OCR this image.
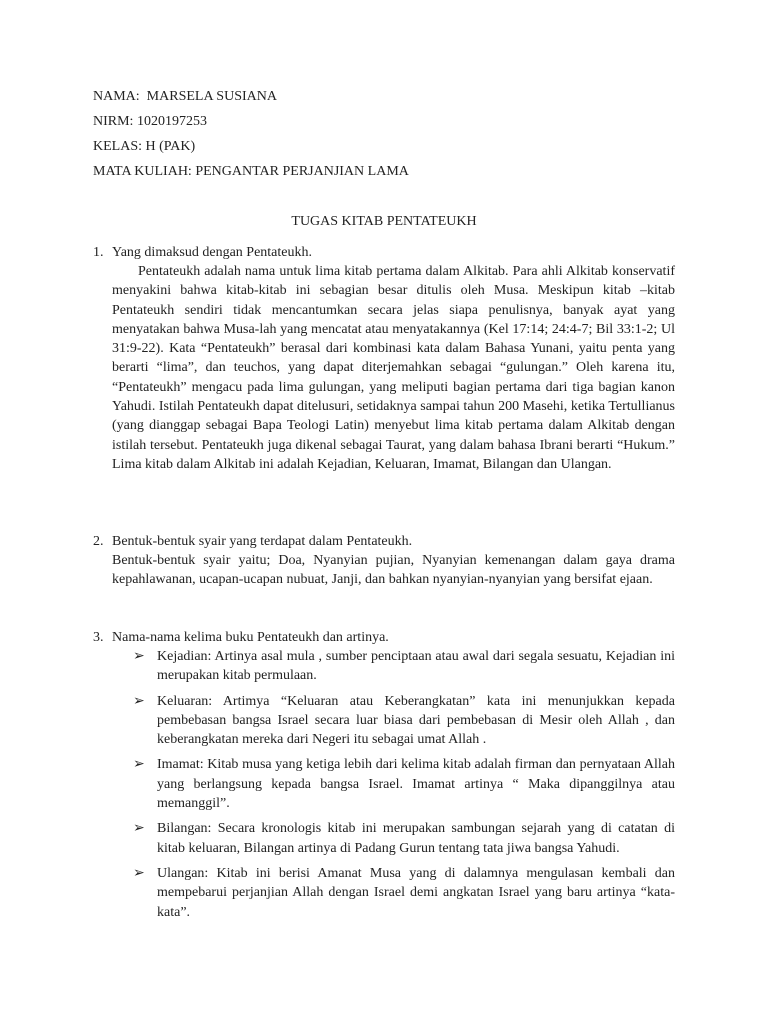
NAMA:  MARSELA SUSIANA
NIRM: 1020197253
KELAS: H (PAK)
MATA KULIAH: PENGANTAR PERJANJIAN LAMA
TUGAS KITAB PENTATEUKH
1. Yang dimaksud dengan Pentateukh.
Pentateukh adalah nama untuk lima kitab pertama dalam Alkitab. Para ahli Alkitab konservatif menyakini bahwa kitab-kitab ini sebagian besar ditulis oleh Musa. Meskipun kitab –kitab Pentateukh sendiri tidak mencantumkan secara jelas siapa penulisnya, banyak ayat yang menyatakan bahwa Musa-lah yang mencatat atau menyatakannya (Kel 17:14; 24:4-7; Bil 33:1-2; Ul 31:9-22). Kata “Pentateukh” berasal dari kombinasi kata dalam Bahasa Yunani, yaitu penta yang berarti “lima”, dan teuchos, yang dapat diterjemahkan sebagai “gulungan.” Oleh karena itu, “Pentateukh” mengacu pada lima gulungan, yang meliputi bagian pertama dari tiga bagian kanon Yahudi. Istilah Pentateukh dapat ditelusuri, setidaknya sampai tahun 200 Masehi, ketika Tertullianus (yang dianggap sebagai Bapa Teologi Latin) menyebut lima kitab pertama dalam Alkitab dengan istilah tersebut. Pentateukh juga dikenal sebagai Taurat, yang dalam bahasa Ibrani berarti “Hukum.” Lima kitab dalam Alkitab ini adalah Kejadian, Keluaran, Imamat, Bilangan dan Ulangan.
2. Bentuk-bentuk syair yang terdapat dalam Pentateukh.
Bentuk-bentuk syair yaitu; Doa, Nyanyian pujian, Nyanyian kemenangan dalam gaya drama kepahlawanan, ucapan-ucapan nubuat, Janji, dan bahkan nyanyian-nyanyian yang bersifat ejaan.
3. Nama-nama kelima buku Pentateukh dan artinya.
➢ Kejadian: Artinya asal mula , sumber penciptaan atau awal dari segala sesuatu, Kejadian ini merupakan kitab permulaan.
➢ Keluaran: Artimya “Keluaran atau Keberangkatan” kata ini menunjukkan kepada pembebasan bangsa Israel secara luar biasa dari pembebasan di Mesir oleh Allah , dan keberangkatan mereka dari Negeri itu sebagai umat Allah .
➢ Imamat: Kitab musa yang ketiga lebih dari kelima kitab adalah firman dan pernyataan Allah yang berlangsung kepada bangsa Israel. Imamat artinya “ Maka dipanggilnya atau memanggil”.
➢ Bilangan: Secara kronologis kitab ini merupakan sambungan sejarah yang di catatan di kitab keluaran, Bilangan artinya di Padang Gurun tentang tata jiwa bangsa Yahudi.
➢ Ulangan: Kitab ini berisi Amanat Musa yang di dalamnya mengulasan kembali dan mempebarui perjanjian Allah dengan Israel demi angkatan Israel yang baru artinya “kata-kata”.
